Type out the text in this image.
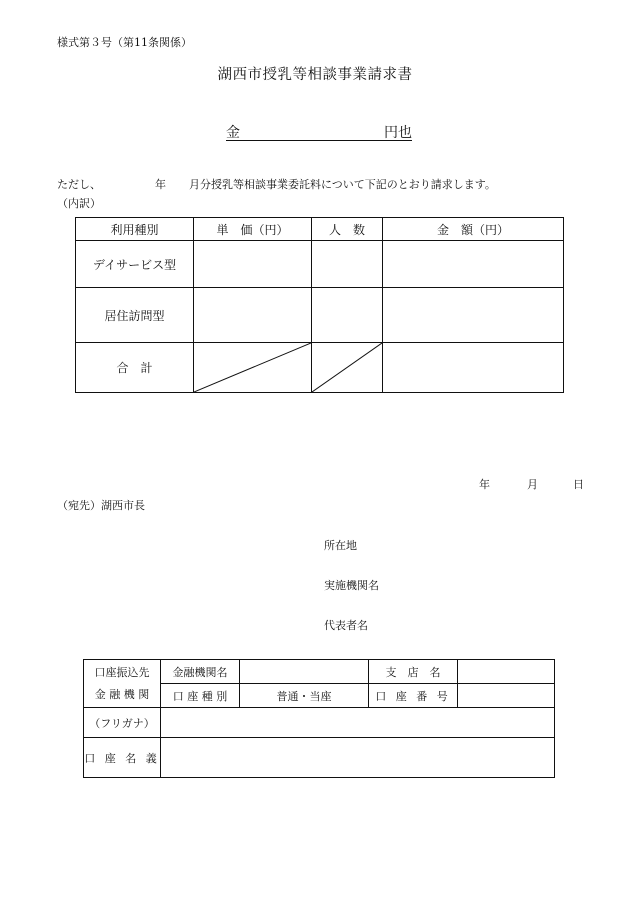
様式第３号（第11条関係）
湖西市授乳等相談事業請求書
金	円也
ただし、	年 月分授乳等相談事業委託料について下記のとおり請求します。
（内訳）
利用種別	単　価（円）	人　数	金　額（円）
デイサービス型			
居住訪問型			
合　計	

年	月	日
（宛先）湖西市長
所在地
実施機関名
代表者名
口座振込先
金 融 機 関	金融機関名		支　店　名	
	口 座 種 別	普通・当座	口 座 番 号	
（フリガナ）				
口 座 名 義				
